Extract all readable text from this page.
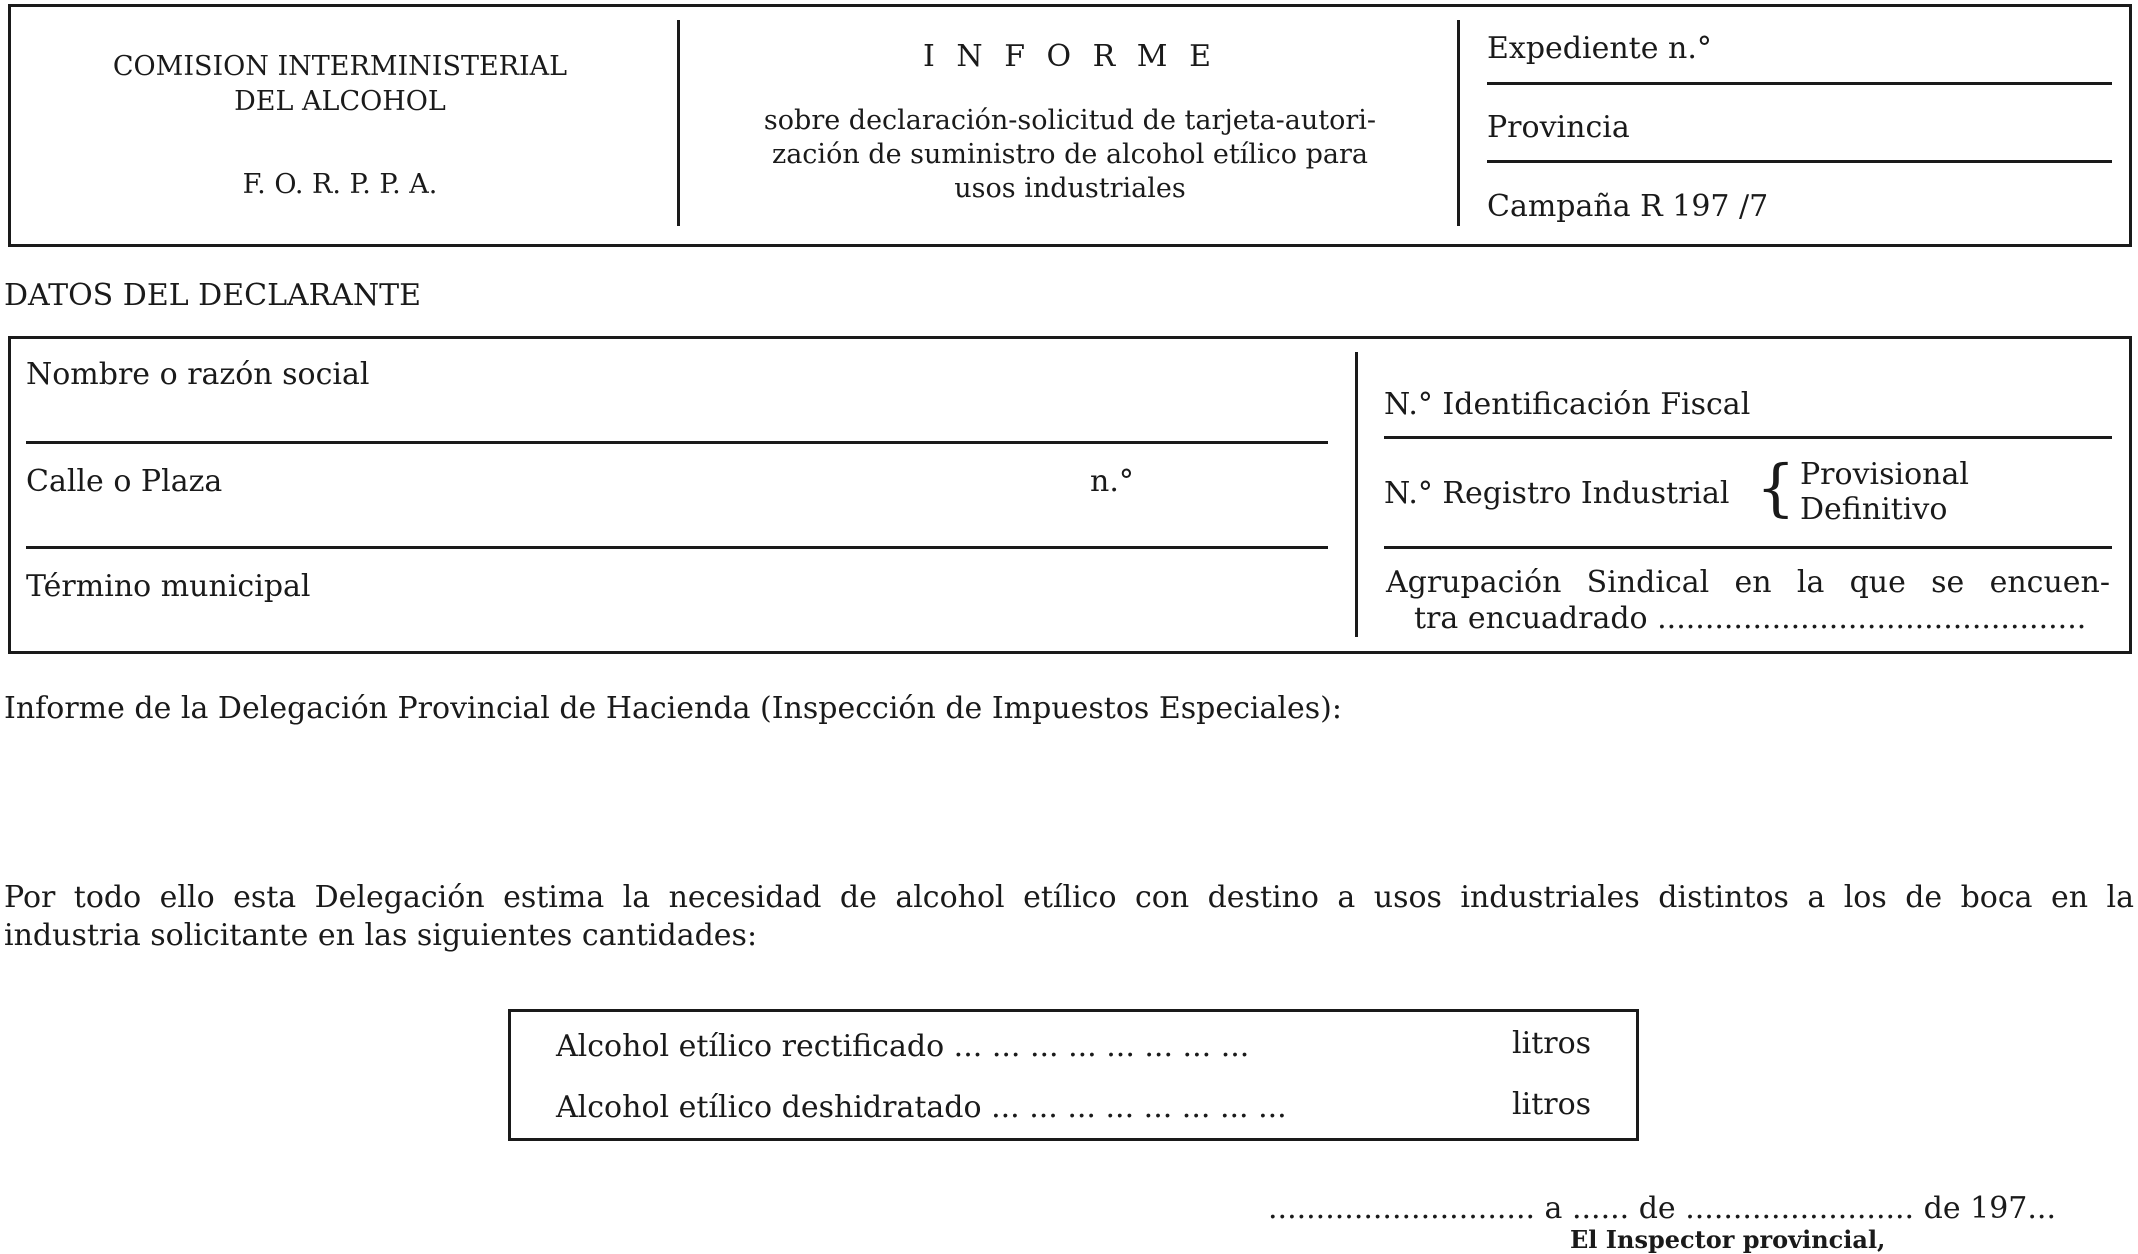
COMISION INTERMINISTERIAL
DEL ALCOHOL
F. O. R. P. P. A.
I N F O R M E
sobre declaración-solicitud de tarjeta-autori-
zación de suministro de alcohol etílico para
usos industriales
Expediente n.°
Provincia
Campaña R 197 /7
DATOS DEL DECLARANTE
Nombre o razón social
Calle o Plaza	n.°
Término municipal
N.° Identificación Fiscal
N.° Registro Industrial { Provisional
Definitivo
Agrupación Sindical en la que se encuen-
tra encuadrado .............................................
Informe de la Delegación Provincial de Hacienda (Inspección de Impuestos Especiales):
Por todo ello esta Delegación estima la necesidad de alcohol etílico con destino a usos industriales distintos a los de boca en la
industria solicitante en las siguientes cantidades:
Alcohol etílico rectificado ... ... ... ... ... ... ... ...	litros
Alcohol etílico deshidratado ... ... ... ... ... ... ... ...	litros
............................ a ...... de ........................ de 197...
El Inspector provincial,
